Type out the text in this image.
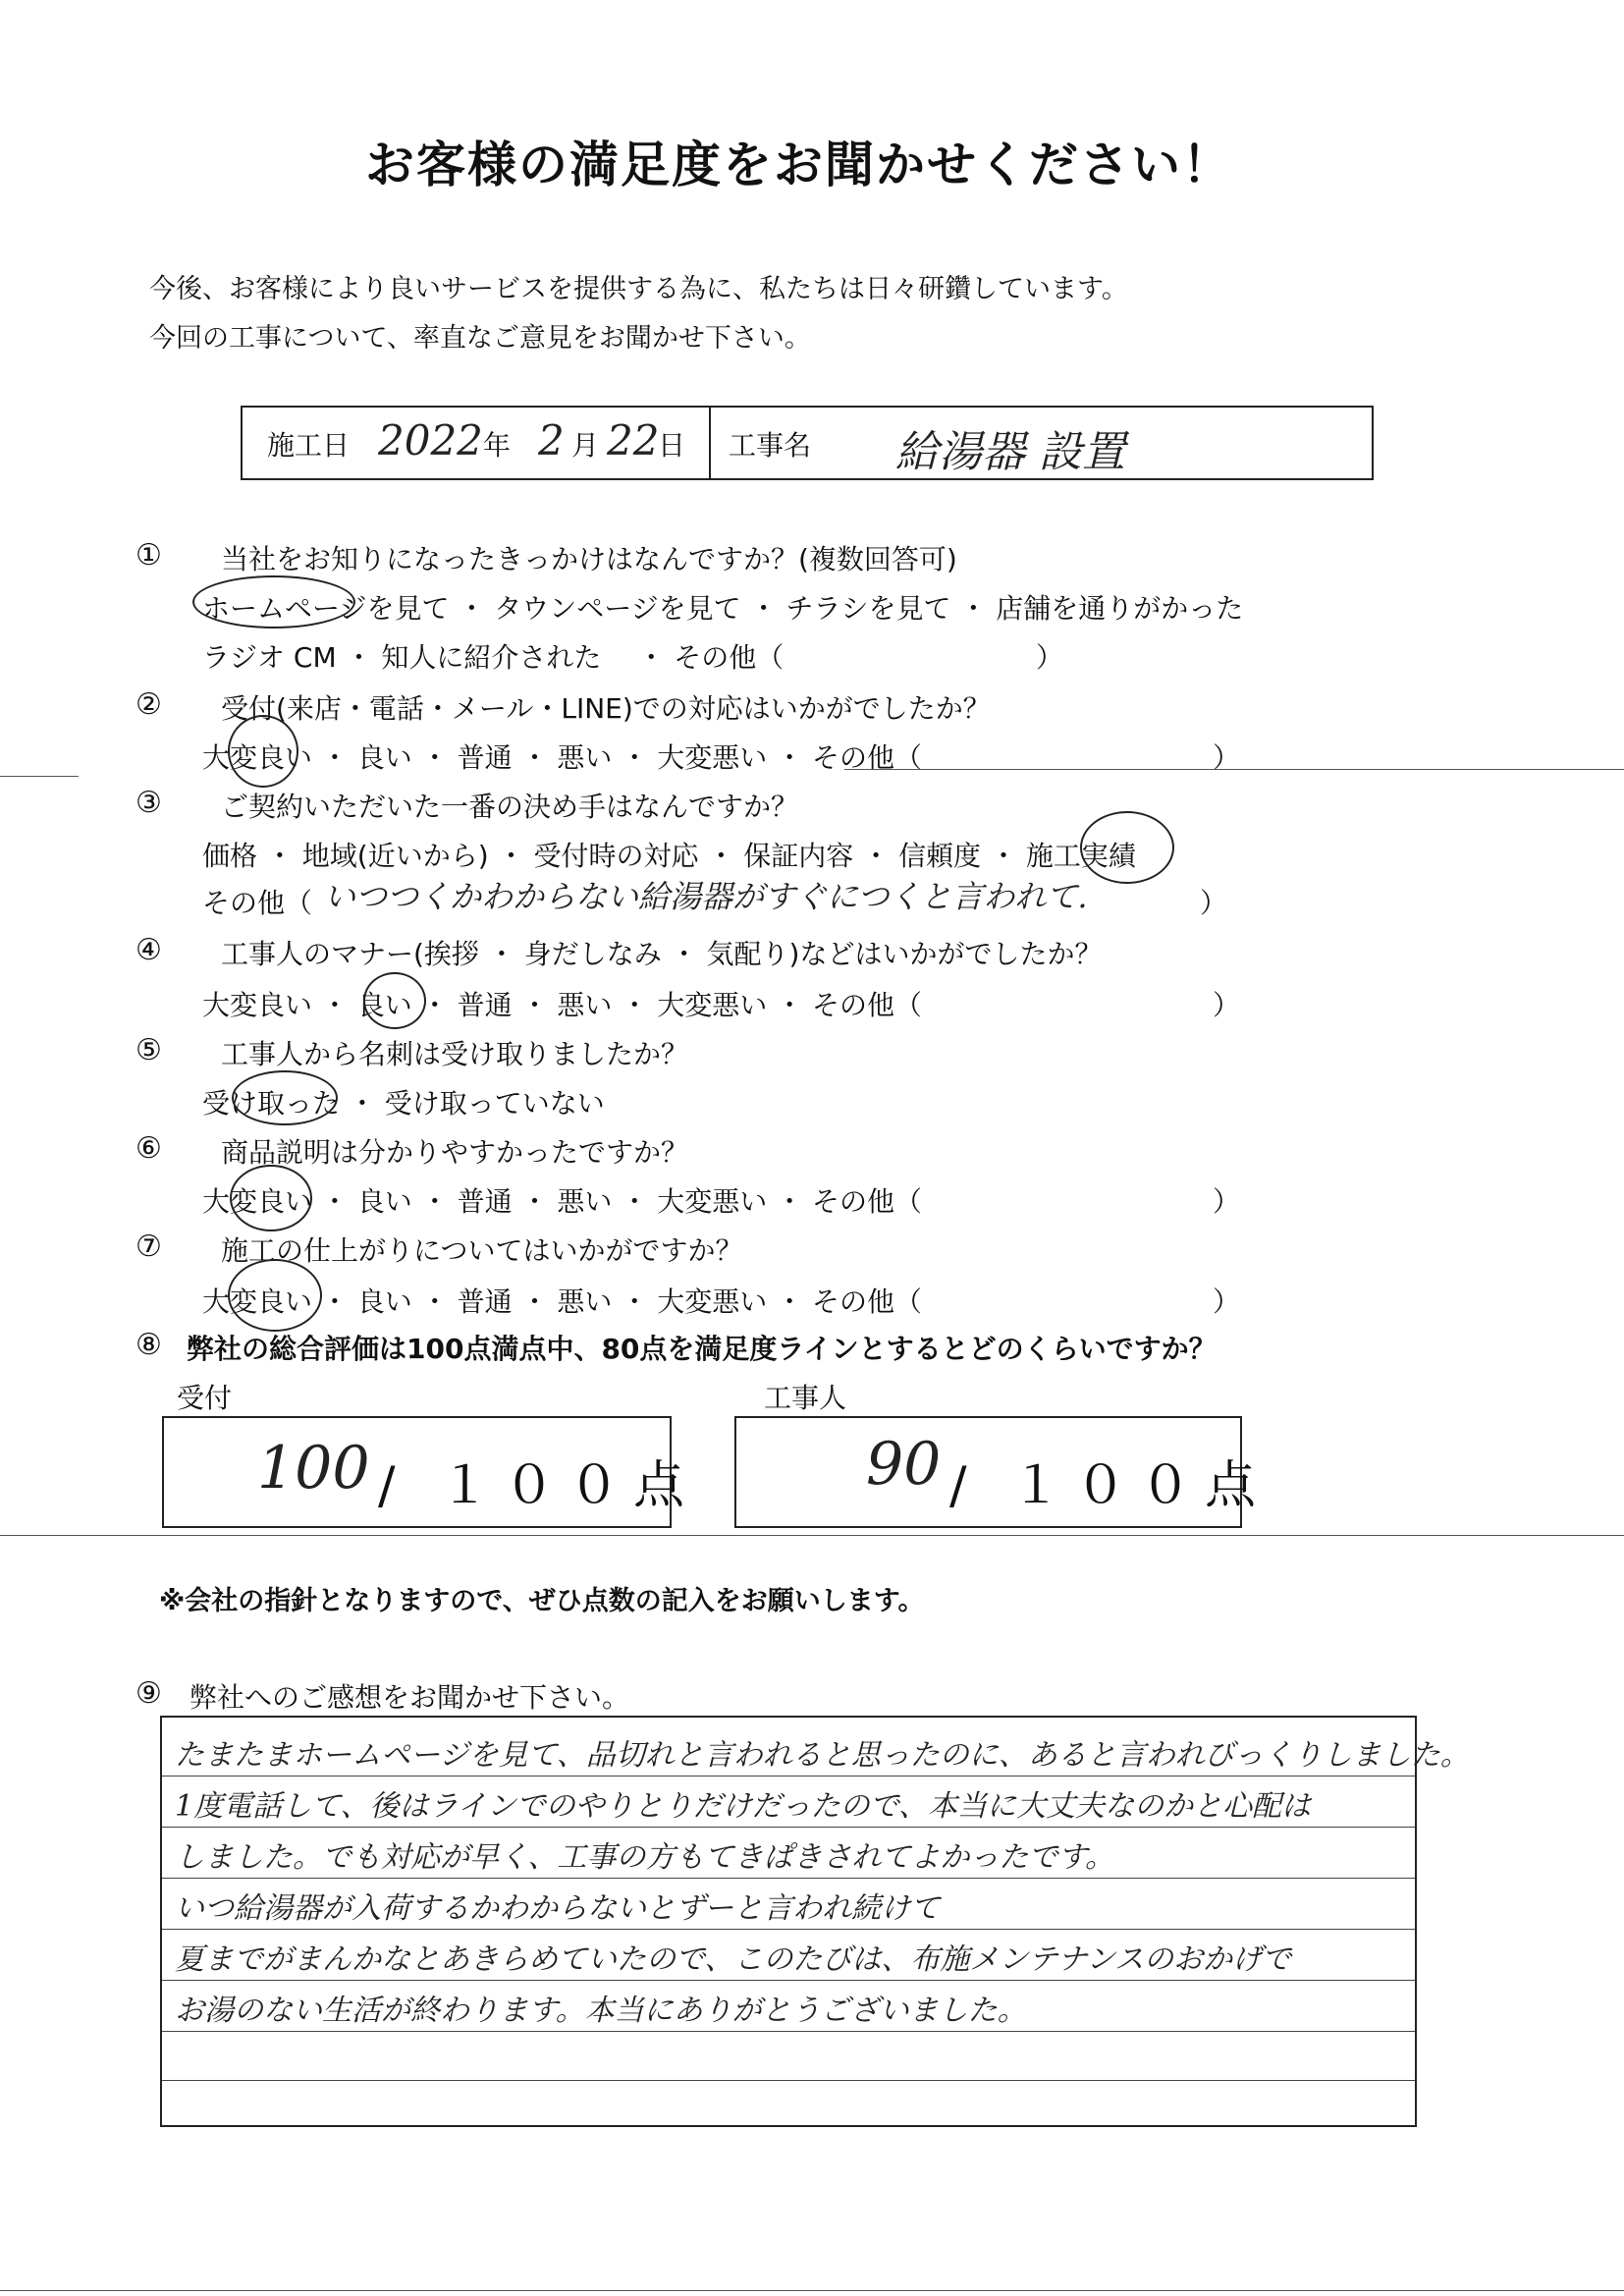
お客様の満足度をお聞かせください！
今後、お客様により良いサービスを提供する為に、私たちは日々研鑽しています。
今回の工事について、率直なご意見をお聞かせ下さい。
施工日 2022 年 2 月 22
日 工事名 給湯器 設置
① 当社をお知りになったきっかけはなんですか？(複数回答可)
ホームページを見て ・ タウンページを見て ・ チラシを見て ・ 店舗を通りがかった
ラジオ CM ・ 知人に紹介された　 ・ その他（	）
② 受付(来店・電話・メール・LINE)での対応はいかがでしたか？
大変良い ・ 良い ・ 普通 ・ 悪い ・ 大変悪い ・ その他（	）
③ ご契約いただいた一番の決め手はなんですか？
価格 ・ 地域(近いから) ・ 受付時の対応 ・ 保証内容 ・ 信頼度 ・ 施工実績
その他（ いつつくかわからない給湯器がすぐにつくと言われて.	）
④ 工事人のマナー(挨拶 ・ 身だしなみ ・ 気配り)などはいかがでしたか？
大変良い ・ 良い ・ 普通 ・ 悪い ・ 大変悪い ・ その他（	）
⑤ 工事人から名刺は受け取りましたか？
受け取った ・ 受け取っていない
⑥ 商品説明は分かりやすかったですか？
大変良い ・ 良い ・ 普通 ・ 悪い ・ 大変悪い ・ その他（	）
⑦ 施工の仕上がりについてはいかがですか？
大変良い ・ 良い ・ 普通 ・ 悪い ・ 大変悪い ・ その他（	）
⑧ 弊社の総合評価は100点満点中、80点を満足度ラインとするとどのくらいですか？
受付	工事人
100 / １００点	90 / １００点
※会社の指針となりますので、ぜひ点数の記入をお願いします。
⑨ 弊社へのご感想をお聞かせ下さい。
たまたまホームページを見て、品切れと言われると思ったのに、あると言われびっくりしました。
1度電話して、後はラインでのやりとりだけだったので、本当に大丈夫なのかと心配は
しました。でも対応が早く、工事の方もてきぱきされてよかったです。
いつ給湯器が入荷するかわからないとずーと言われ続けて
夏までがまんかなとあきらめていたので、このたびは、布施メンテナンスのおかげで
お湯のない生活が終わります。本当にありがとうございました。
